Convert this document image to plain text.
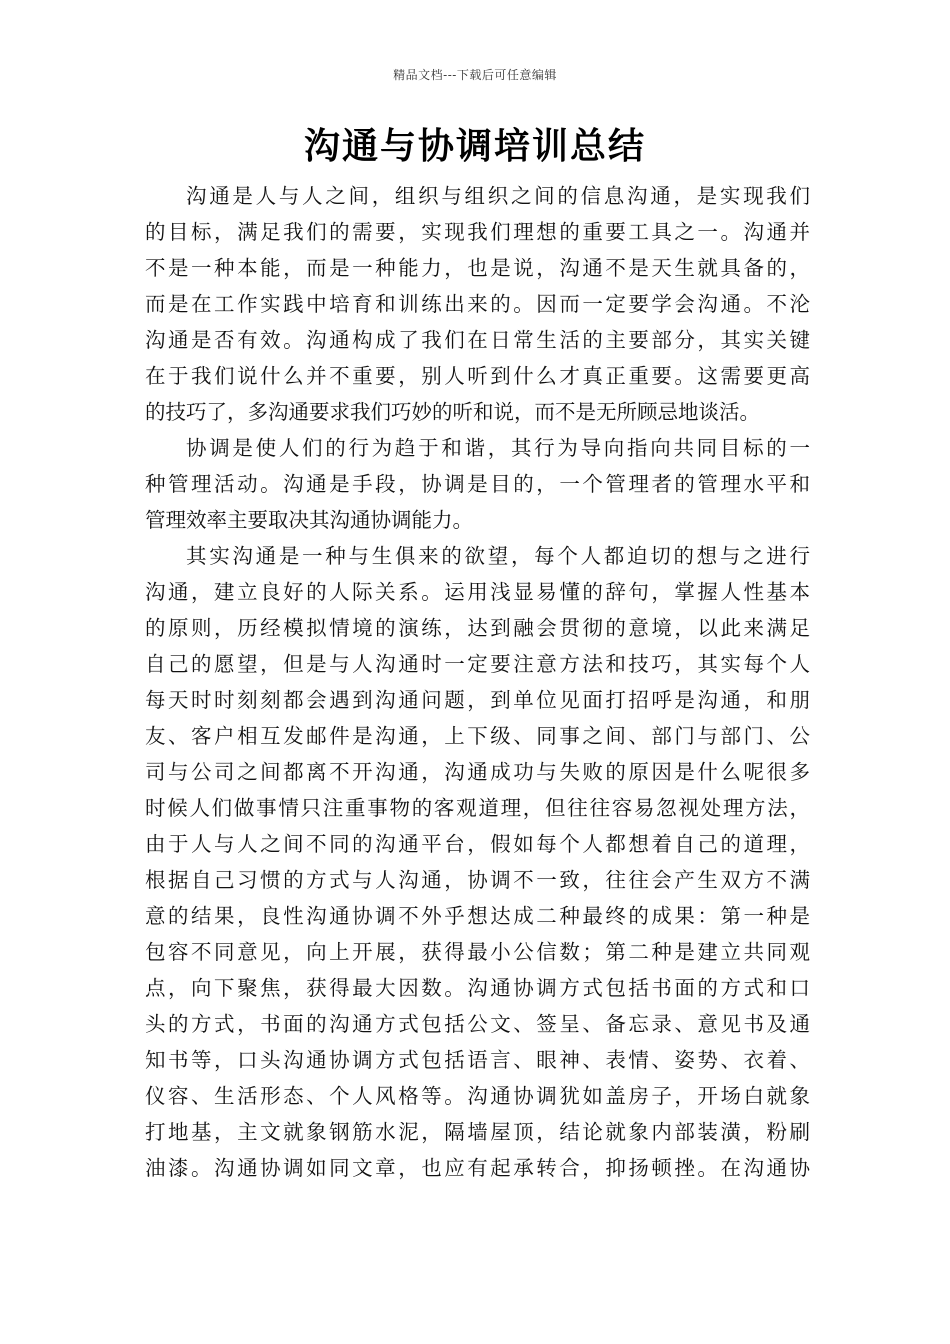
精品文档---下载后可任意编辑
沟通与协调培训总结
沟通是人与人之间，组织与组织之间的信息沟通，是实现我们
的目标，满足我们的需要，实现我们理想的重要工具之一。沟通并
不是一种本能，而是一种能力，也是说，沟通不是天生就具备的，
而是在工作实践中培育和训练出来的。因而一定要学会沟通。不沦
沟通是否有效。沟通构成了我们在日常生活的主要部分，其实关键
在于我们说什么并不重要，别人听到什么才真正重要。这需要更高
的技巧了，多沟通要求我们巧妙的听和说，而不是无所顾忌地谈活。
协调是使人们的行为趋于和谐，其行为导向指向共同目标的一
种管理活动。沟通是手段，协调是目的，一个管理者的管理水平和
管理效率主要取决其沟通协调能力。
其实沟通是一种与生俱来的欲望，每个人都迫切的想与之进行
沟通，建立良好的人际关系。运用浅显易懂的辞句，掌握人性基本
的原则，历经模拟情境的演练，达到融会贯彻的意境，以此来满足
自己的愿望，但是与人沟通时一定要注意方法和技巧，其实每个人
每天时时刻刻都会遇到沟通问题，到单位见面打招呼是沟通，和朋
友、客户相互发邮件是沟通，上下级、同事之间、部门与部门、公
司与公司之间都离不开沟通，沟通成功与失败的原因是什么呢很多
时候人们做事情只注重事物的客观道理，但往往容易忽视处理方法，
由于人与人之间不同的沟通平台，假如每个人都想着自己的道理，
根据自己习惯的方式与人沟通，协调不一致，往往会产生双方不满
意的结果，良性沟通协调不外乎想达成二种最终的成果：第一种是
包容不同意见，向上开展，获得最小公信数；第二种是建立共同观
点，向下聚焦，获得最大因数。沟通协调方式包括书面的方式和口
头的方式，书面的沟通方式包括公文、签呈、备忘录、意见书及通
知书等，口头沟通协调方式包括语言、眼神、表情、姿势、衣着、
仪容、生活形态、个人风格等。沟通协调犹如盖房子，开场白就象
打地基，主文就象钢筋水泥，隔墙屋顶，结论就象内部装潢，粉刷
油漆。沟通协调如同文章，也应有起承转合，抑扬顿挫。在沟通协
